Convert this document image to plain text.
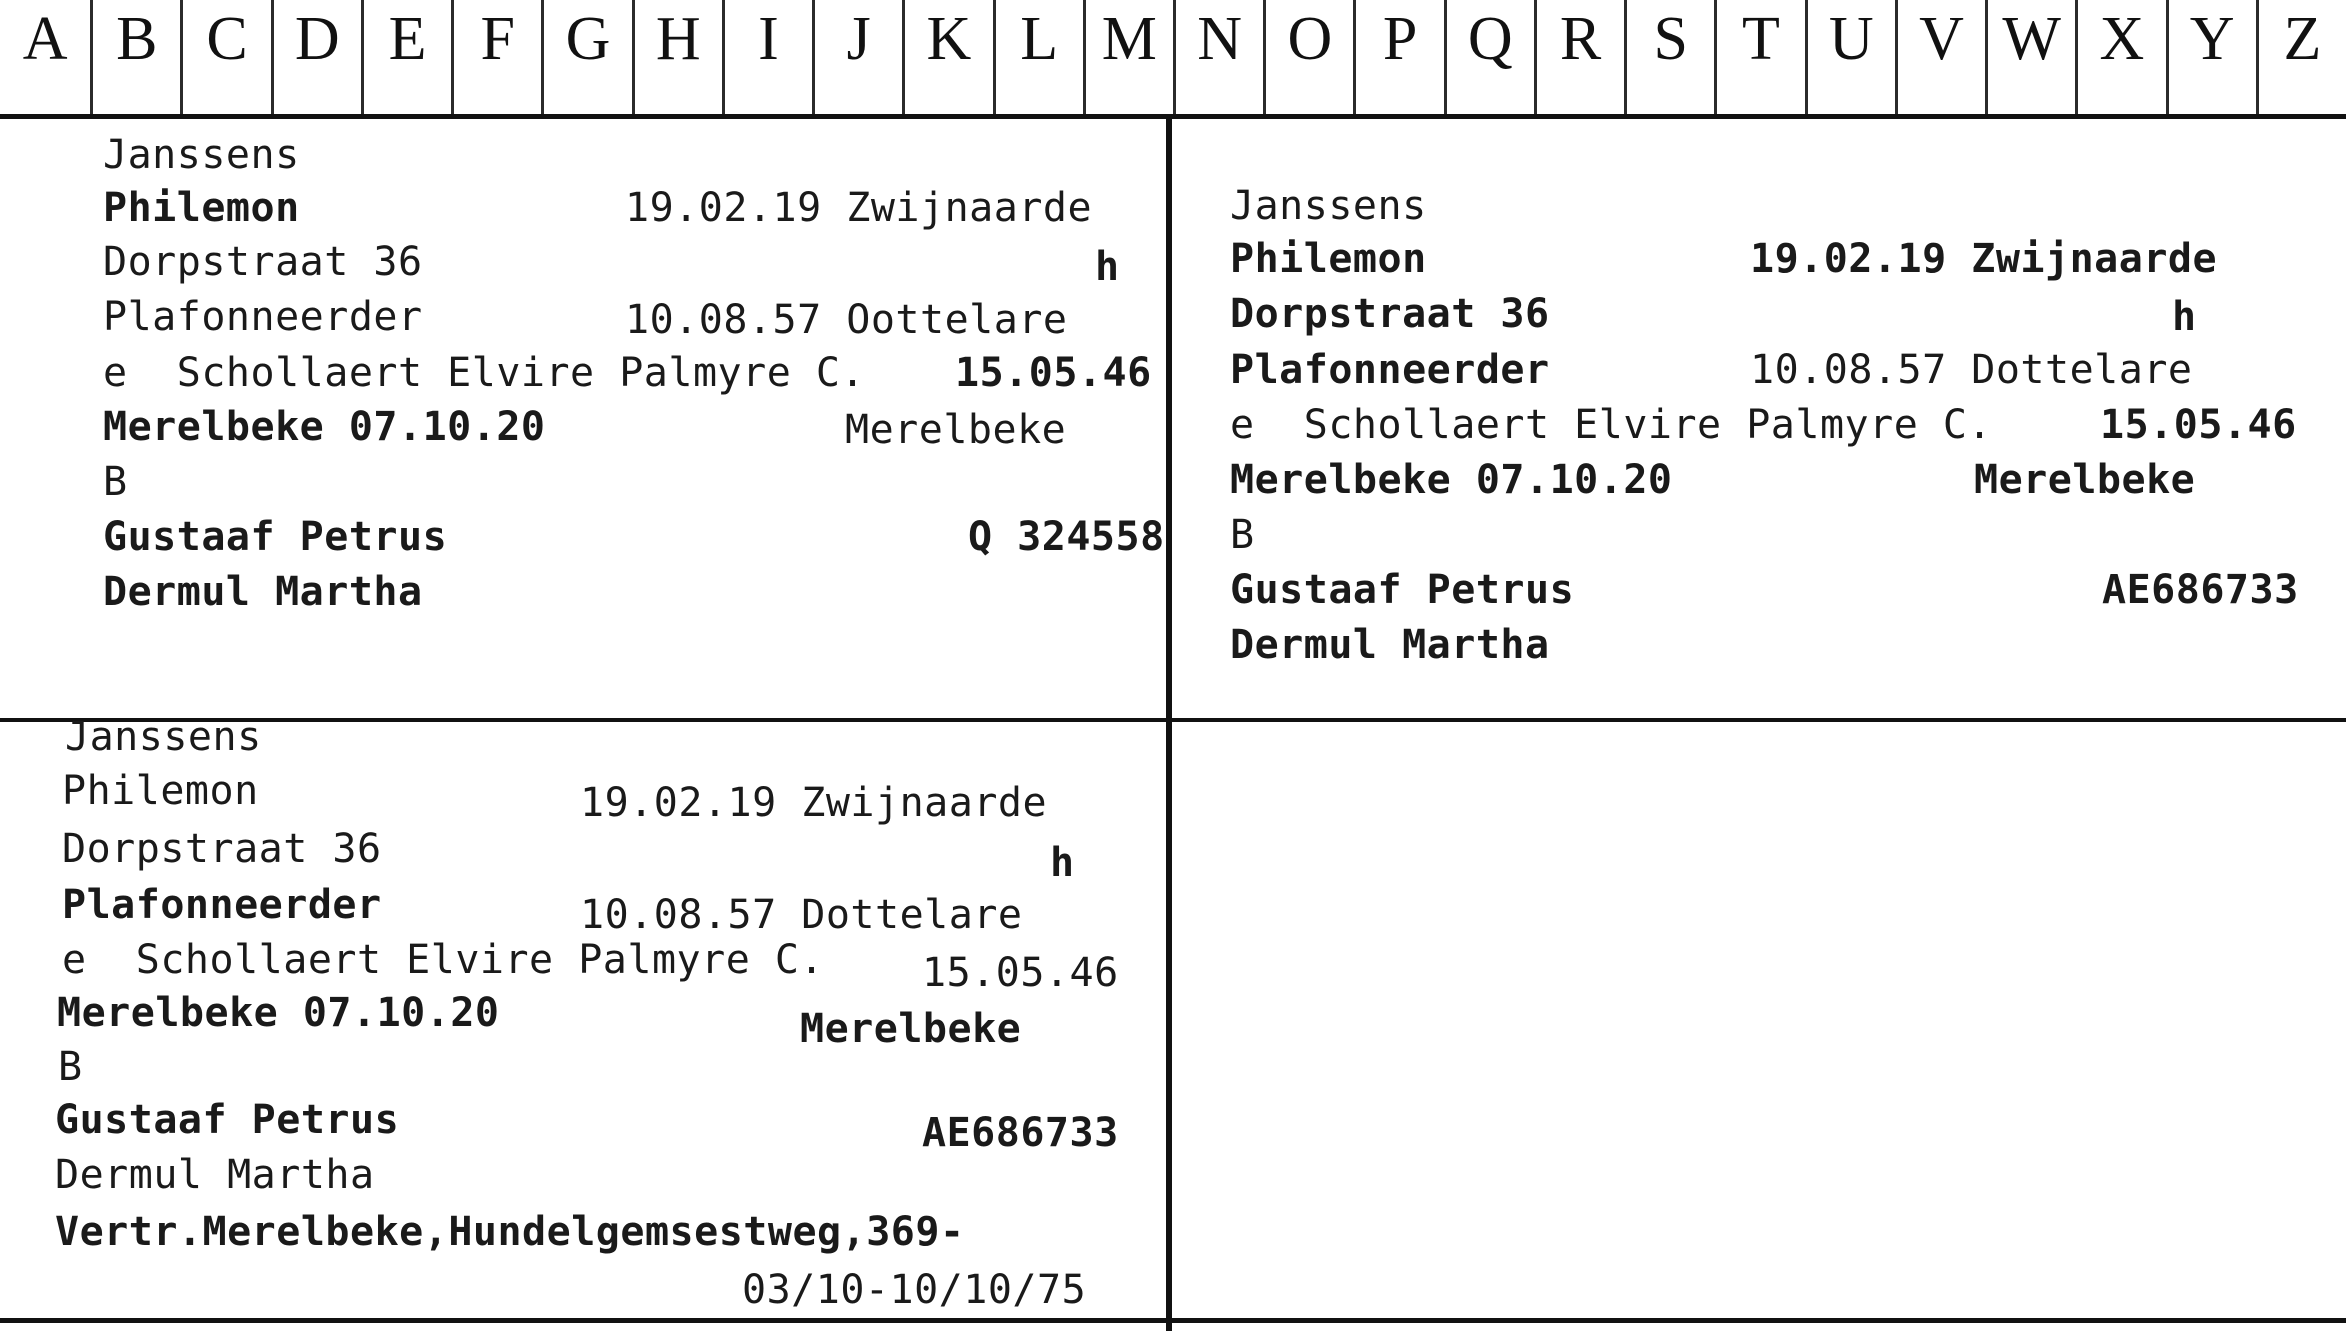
A B C D E F G H I	J K L M N O P Q R S T U V W X Y Z
Janssens
Philemon	19.02.19 Zwijnaarde
Dorpstraat 36	h
Plafonneerder	10.08.57 Oottelare
e  Schollaert Elvire Palmyre C. 15.05.46
Merelbeke 07.10.20	Merelbeke
B
Gustaaf Petrus	Q 324558
Dermul Martha
Janssens
Philemon	19.02.19 Zwijnaarde
Dorpstraat 36	h
Plafonneerder	10.08.57 Dottelare
e  Schollaert Elvire Palmyre C.	15.05.46
Merelbeke 07.10.20	Merelbeke
B
Gustaaf Petrus	AE686733
Dermul Martha
Janssens
Philemon	19.02.19 Zwijnaarde
Dorpstraat 36	h
Plafonneerder	10.08.57 Dottelare
e  Schollaert Elvire Palmyre C. 15.05.46
Merelbeke 07.10.20	Merelbeke
B
Gustaaf Petrus	AE686733
Dermul Martha
Vertr.Merelbeke,Hundelgemsestweg,369-
03/10-10/10/75
